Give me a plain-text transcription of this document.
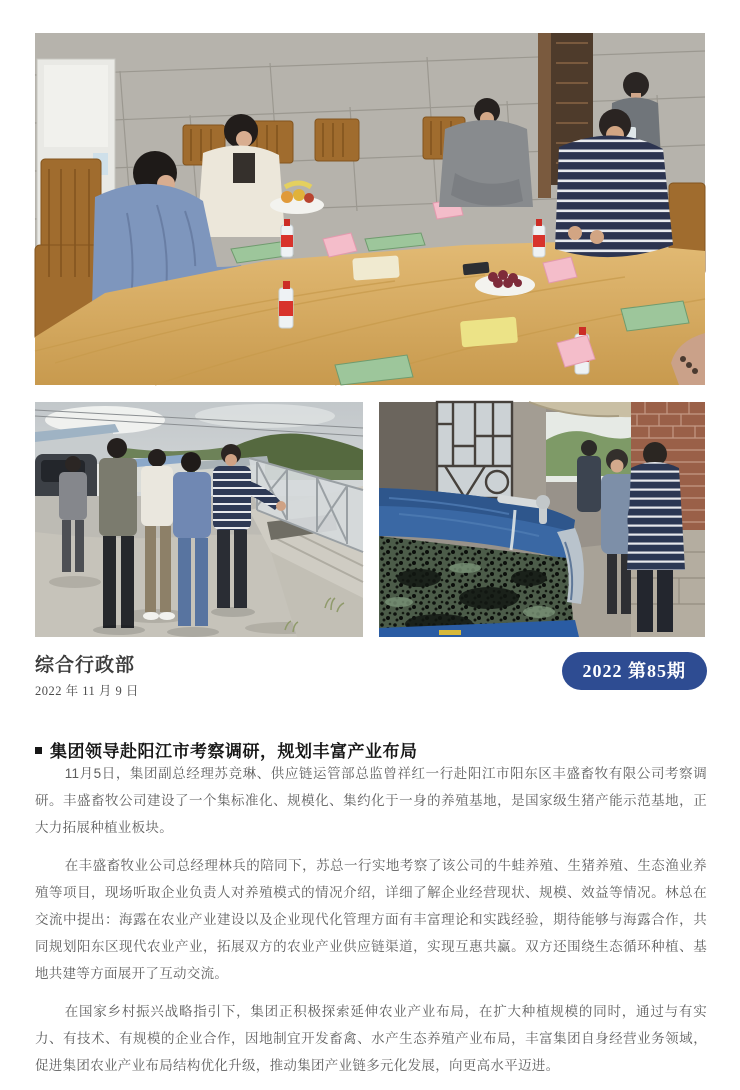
综合行政部
2022 年 11 月 9 日
2022 第85期
集团领导赴阳江市考察调研，规划丰富产业布局

11月5日，集团副总经理苏竞琳、供应链运管部总监曾祥红一行赴阳江市阳东区丰盛畜牧有限公司考察调研。丰盛畜牧公司建设了一个集标准化、规模化、集约化于一身的养殖基地，是国家级生猪产能示范基地，正大力拓展种植业板块。

在丰盛畜牧业公司总经理林兵的陪同下，苏总一行实地考察了该公司的牛蛙养殖、生猪养殖、生态渔业养殖等项目，现场听取企业负责人对养殖模式的情况介绍，详细了解企业经营现状、规模、效益等情况。林总在交流中提出：海露在农业产业建设以及企业现代化管理方面有丰富理论和实践经验，期待能够与海露合作，共同规划阳东区现代农业产业，拓展双方的农业产业供应链渠道，实现互惠共赢。双方还围绕生态循环种植、基地共建等方面展开了互动交流。

在国家乡村振兴战略指引下，集团正积极探索延伸农业产业布局，在扩大种植规模的同时，通过与有实力、有技术、有规模的企业合作，因地制宜开发畜禽、水产生态养殖产业布局，丰富集团自身经营业务领域，促进集团农业产业布局结构优化升级，推动集团产业链多元化发展，向更高水平迈进。
